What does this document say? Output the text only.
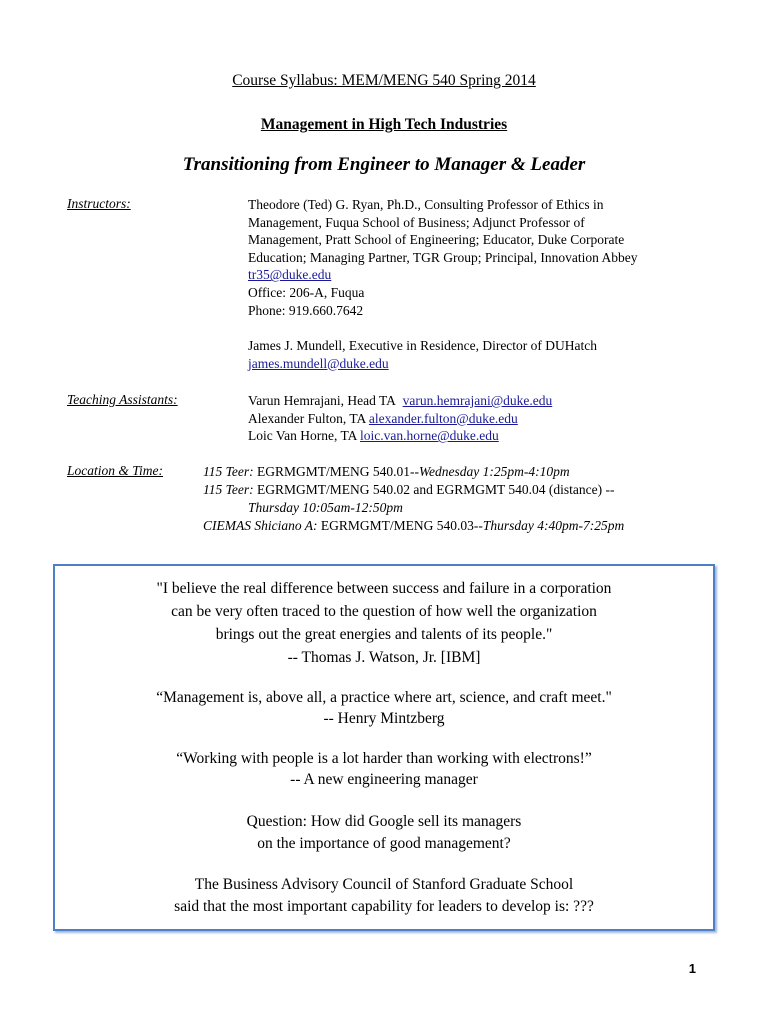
Course Syllabus: MEM/MENG 540 Spring 2014
Management in High Tech Industries
Transitioning from Engineer to Manager & Leader
Instructors:	Theodore (Ted) G. Ryan, Ph.D., Consulting Professor of Ethics in
Management, Fuqua School of Business; Adjunct Professor of
Management, Pratt School of Engineering; Educator, Duke Corporate
Education; Managing Partner, TGR Group; Principal, Innovation Abbey
tr35@duke.edu
Office: 206-A, Fuqua
Phone: 919.660.7642
James J. Mundell, Executive in Residence, Director of DUHatch
james.mundell@duke.edu
Teaching Assistants:	Varun Hemrajani, Head TA varun.hemrajani@duke.edu
Alexander Fulton, TA alexander.fulton@duke.edu
Loic Van Horne, TA loic.van.horne@duke.edu
Location & Time:	115 Teer: EGRMGMT/MENG 540.01--Wednesday 1:25pm-4:10pm
115 Teer: EGRMGMT/MENG 540.02 and EGRMGMT 540.04 (distance) --
Thursday 10:05am-12:50pm
CIEMAS Shiciano A: EGRMGMT/MENG 540.03--Thursday 4:40pm-7:25pm
"I believe the real difference between success and failure in a corporation
can be very often traced to the question of how well the organization
brings out the great energies and talents of its people."
-- Thomas J. Watson, Jr. [IBM]
“Management is, above all, a practice where art, science, and craft meet."
-- Henry Mintzberg
“Working with people is a lot harder than working with electrons!”
-- A new engineering manager
Question: How did Google sell its managers
on the importance of good management?
The Business Advisory Council of Stanford Graduate School
said that the most important capability for leaders to develop is: ???
1
